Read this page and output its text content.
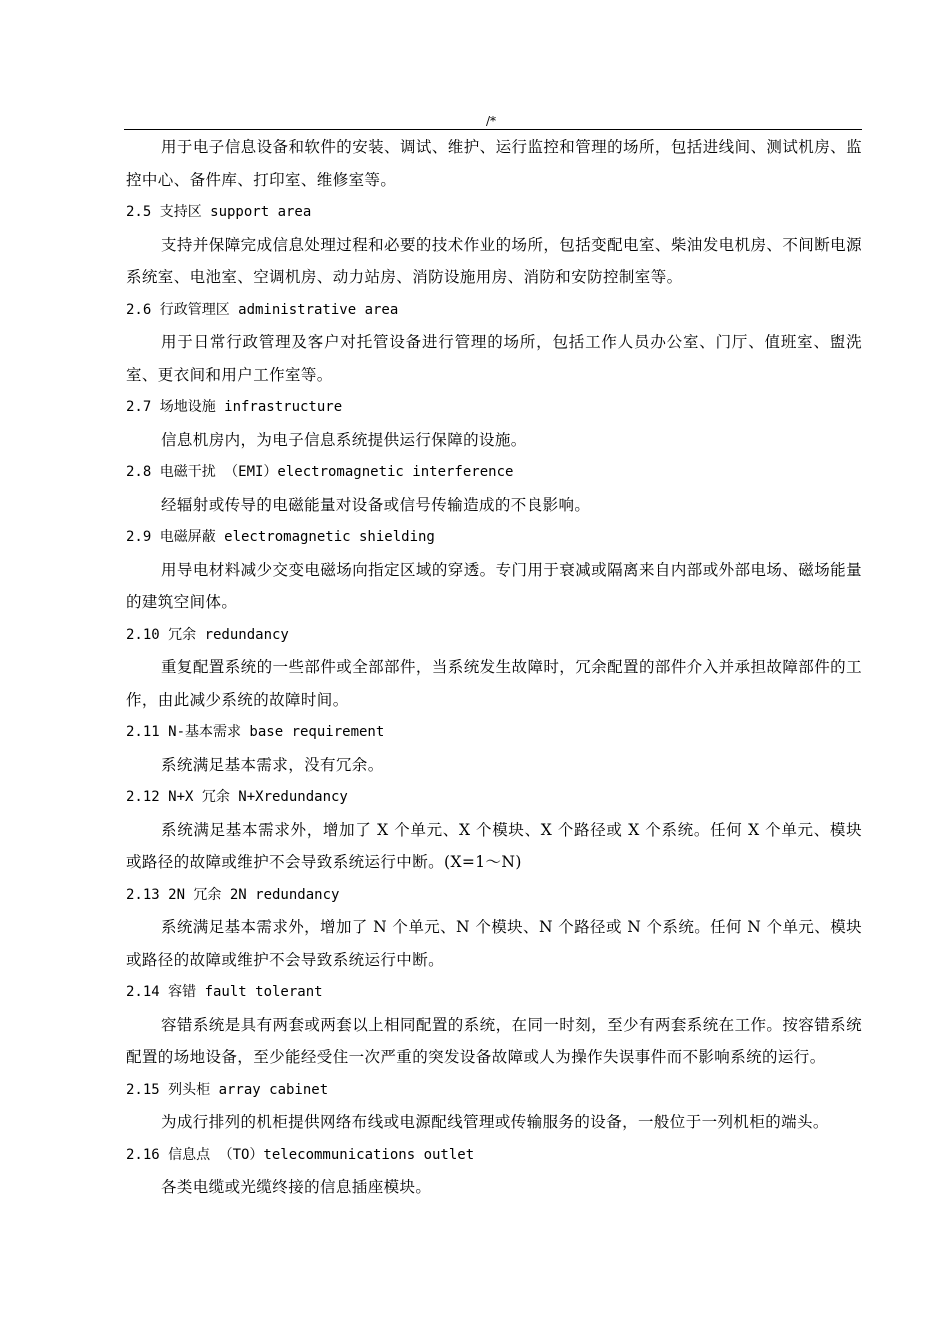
/*

用于电子信息设备和软件的安装、调试、维护、运行监控和管理的场所，包括进线间、测试机房、监控中心、备件库、打印室、维修室等。

2.5 支持区 support area

支持并保障完成信息处理过程和必要的技术作业的场所，包括变配电室、柴油发电机房、不间断电源系统室、电池室、空调机房、动力站房、消防设施用房、消防和安防控制室等。

2.6 行政管理区 administrative area

用于日常行政管理及客户对托管设备进行管理的场所，包括工作人员办公室、门厅、值班室、盥洗室、更衣间和用户工作室等。

2.7 场地设施 infrastructure

信息机房内，为电子信息系统提供运行保障的设施。

2.8 电磁干扰 （EMI）electromagnetic interference

经辐射或传导的电磁能量对设备或信号传输造成的不良影响。

2.9 电磁屏蔽 electromagnetic shielding

用导电材料减少交变电磁场向指定区域的穿透。专门用于衰减或隔离来自内部或外部电场、磁场能量的建筑空间体。

2.10 冗余 redundancy

重复配置系统的一些部件或全部部件，当系统发生故障时，冗余配置的部件介入并承担故障部件的工作，由此减少系统的故障时间。

2.11 N-基本需求 base requirement

系统满足基本需求，没有冗余。

2.12 N+X 冗余 N+Xredundancy

系统满足基本需求外，增加了 X 个单元、X 个模块、X 个路径或 X 个系统。任何 X 个单元、模块或路径的故障或维护不会导致系统运行中断。(X=1～N)

2.13 2N 冗余 2N redundancy

系统满足基本需求外，增加了 N 个单元、N 个模块、N 个路径或 N 个系统。任何 N 个单元、模块或路径的故障或维护不会导致系统运行中断。

2.14 容错 fault tolerant

容错系统是具有两套或两套以上相同配置的系统，在同一时刻，至少有两套系统在工作。按容错系统配置的场地设备，至少能经受住一次严重的突发设备故障或人为操作失误事件而不影响系统的运行。

2.15 列头柜 array cabinet

为成行排列的机柜提供网络布线或电源配线管理或传输服务的设备，一般位于一列机柜的端头。

2.16 信息点 （TO）telecommunications outlet

各类电缆或光缆终接的信息插座模块。
